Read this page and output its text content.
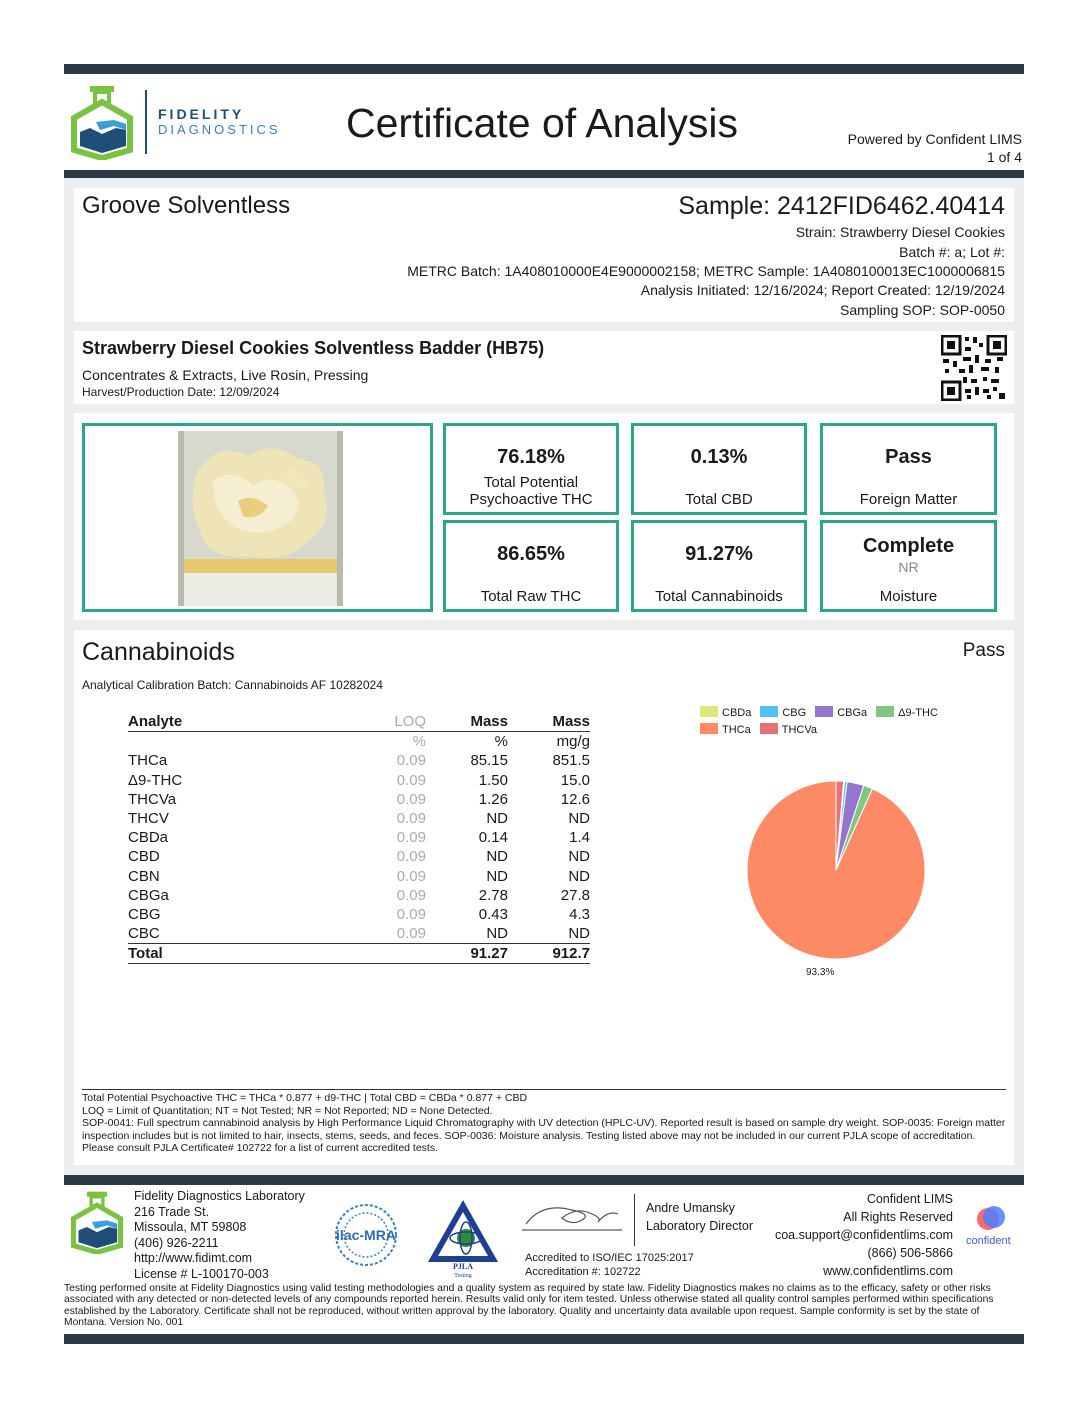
FIDELITY
DIAGNOSTICS Certificate of Analysis	Powered by Confident LIMS
1 of 4
Groove Solventless	Sample: 2412FID6462.40414
Strain: Strawberry Diesel Cookies
Batch #: a; Lot #:
METRC Batch: 1A408010000E4E9000002158; METRC Sample: 1A4080100013EC1000006815
Analysis Initiated: 12/16/2024; Report Created: 12/19/2024
Sampling SOP: SOP-0050
Strawberry Diesel Cookies Solventless Badder (HB75)
Concentrates & Extracts, Live Rosin, Pressing
Harvest/Production Date: 12/09/2024
76.18%
Total Potential
Psychoactive THC
0.13%
Total CBD
Pass
Foreign Matter
86.65%
Total Raw THC
91.27%
Total Cannabinoids
Complete
NR
Moisture
Cannabinoids	Pass
Analytical Calibration Batch: Cannabinoids AF 10282024
Analyte	LOQ	Mass	Mass
	%	%	mg/g
THCa	0.09	85.15	851.5
Δ9-THC	0.09	1.50	15.0
THCVa	0.09	1.26	12.6
THCV	0.09	ND	ND
CBDa	0.09	0.14	1.4
CBD	0.09	ND	ND
CBN	0.09	ND	ND
CBGa	0.09	2.78	27.8
CBG	0.09	0.43	4.3
CBC	0.09	ND	ND
Total		91.27	912.7
CBDa	CBG	CBGa	Δ9-THC
THCa	THCVa
93.3%
Total Potential Psychoactive THC = THCa * 0.877 + d9-THC | Total CBD = CBDa * 0.877 + CBD
LOQ = Limit of Quantitation; NT = Not Tested; NR = Not Reported; ND = None Detected.
SOP-0041: Full spectrum cannabinoid analysis by High Performance Liquid Chromatography with UV detection (HPLC-UV). Reported result is based on sample dry weight. SOP-0035: Foreign matter inspection includes but is not limited to hair, insects, stems, seeds, and feces. SOP-0036: Moisture analysis. Testing listed above may not be included in our current PJLA scope of accreditation. Please consult PJLA Certificate# 102722 for a list of current accredited tests.
Fidelity Diagnostics Laboratory
216 Trade St.
Missoula, MT 59808
(406) 926-2211
http://www.fidimt.com
License # L-100170-003
ilac-MRA
PJLA
Testing
Andre Umansky
Laboratory Director
Accredited to ISO/IEC 17025:2017
Accreditation #: 102722
Confident LIMS
All Rights Reserved
coa.support@confidentlims.com
(866) 506-5866
www.confidentlims.com
confident
Testing performed onsite at Fidelity Diagnostics using valid testing methodologies and a quality system as required by state law. Fidelity Diagnostics makes no claims as to the efficacy, safety or other risks associated with any detected or non-detected levels of any compounds reported herein. Results valid only for item tested. Unless otherwise stated all quality control samples performed within specifications established by the Laboratory. Certificate shall not be reproduced, without written approval by the laboratory. Quality and uncertainty data available upon request. Sample conformity is set by the state of Montana. Version No. 001
